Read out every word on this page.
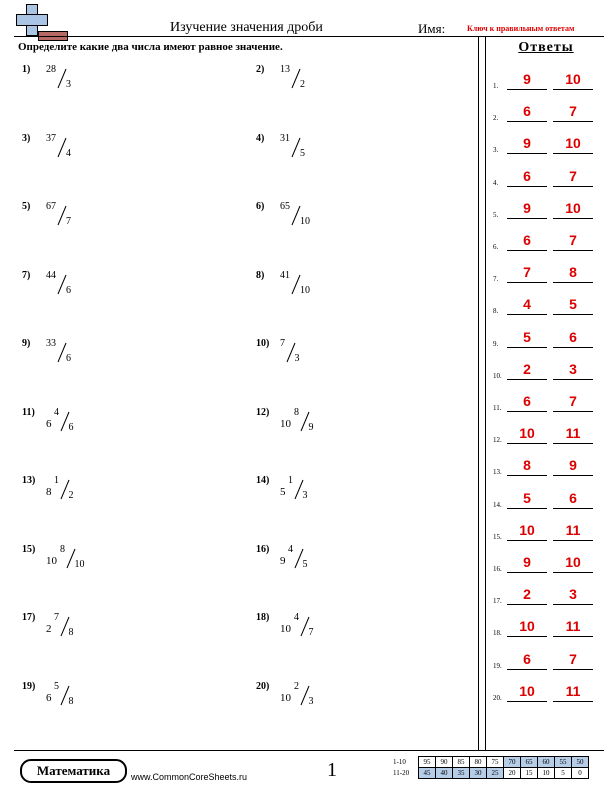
Изучение значения дроби	Имя:	Ключ к правильным ответам
Определите какие два числа имеют равное значение.	Ответы
1) 28
3
2) 13
2
3) 37
4
4) 31
5
5) 67
7
6) 65
10
7) 44
6
8) 41
10
9) 33
6
10) 7
3
11)
6
4
6
12)
10
8
9
13)
8
1
2
14)
5
1
3
15)
10
8
10
16)
9
4
5
17)
2
7
8
18)
10
4
7
19)
6
5
8
20)
10
2
3
1.	9	10
2.	6	7
3.	9	10
4.	6	7
5.	9	10
6.	6	7
7.	7	8
8.	4	5
9.	5	6
10.	2	3
11.	6	7
12.	10	11
13.	8	9
14.	5	6
15.	10	11
16.	9	10
17.	2	3
18.	10	11
19.	6	7
20.	10	11
Математика	www.CommonCoreSheets.ru	1	1-10	95	90	85	80	75	70	65	60	55	50
11-20	45	40	35	30	25	20	15	10	5	0
